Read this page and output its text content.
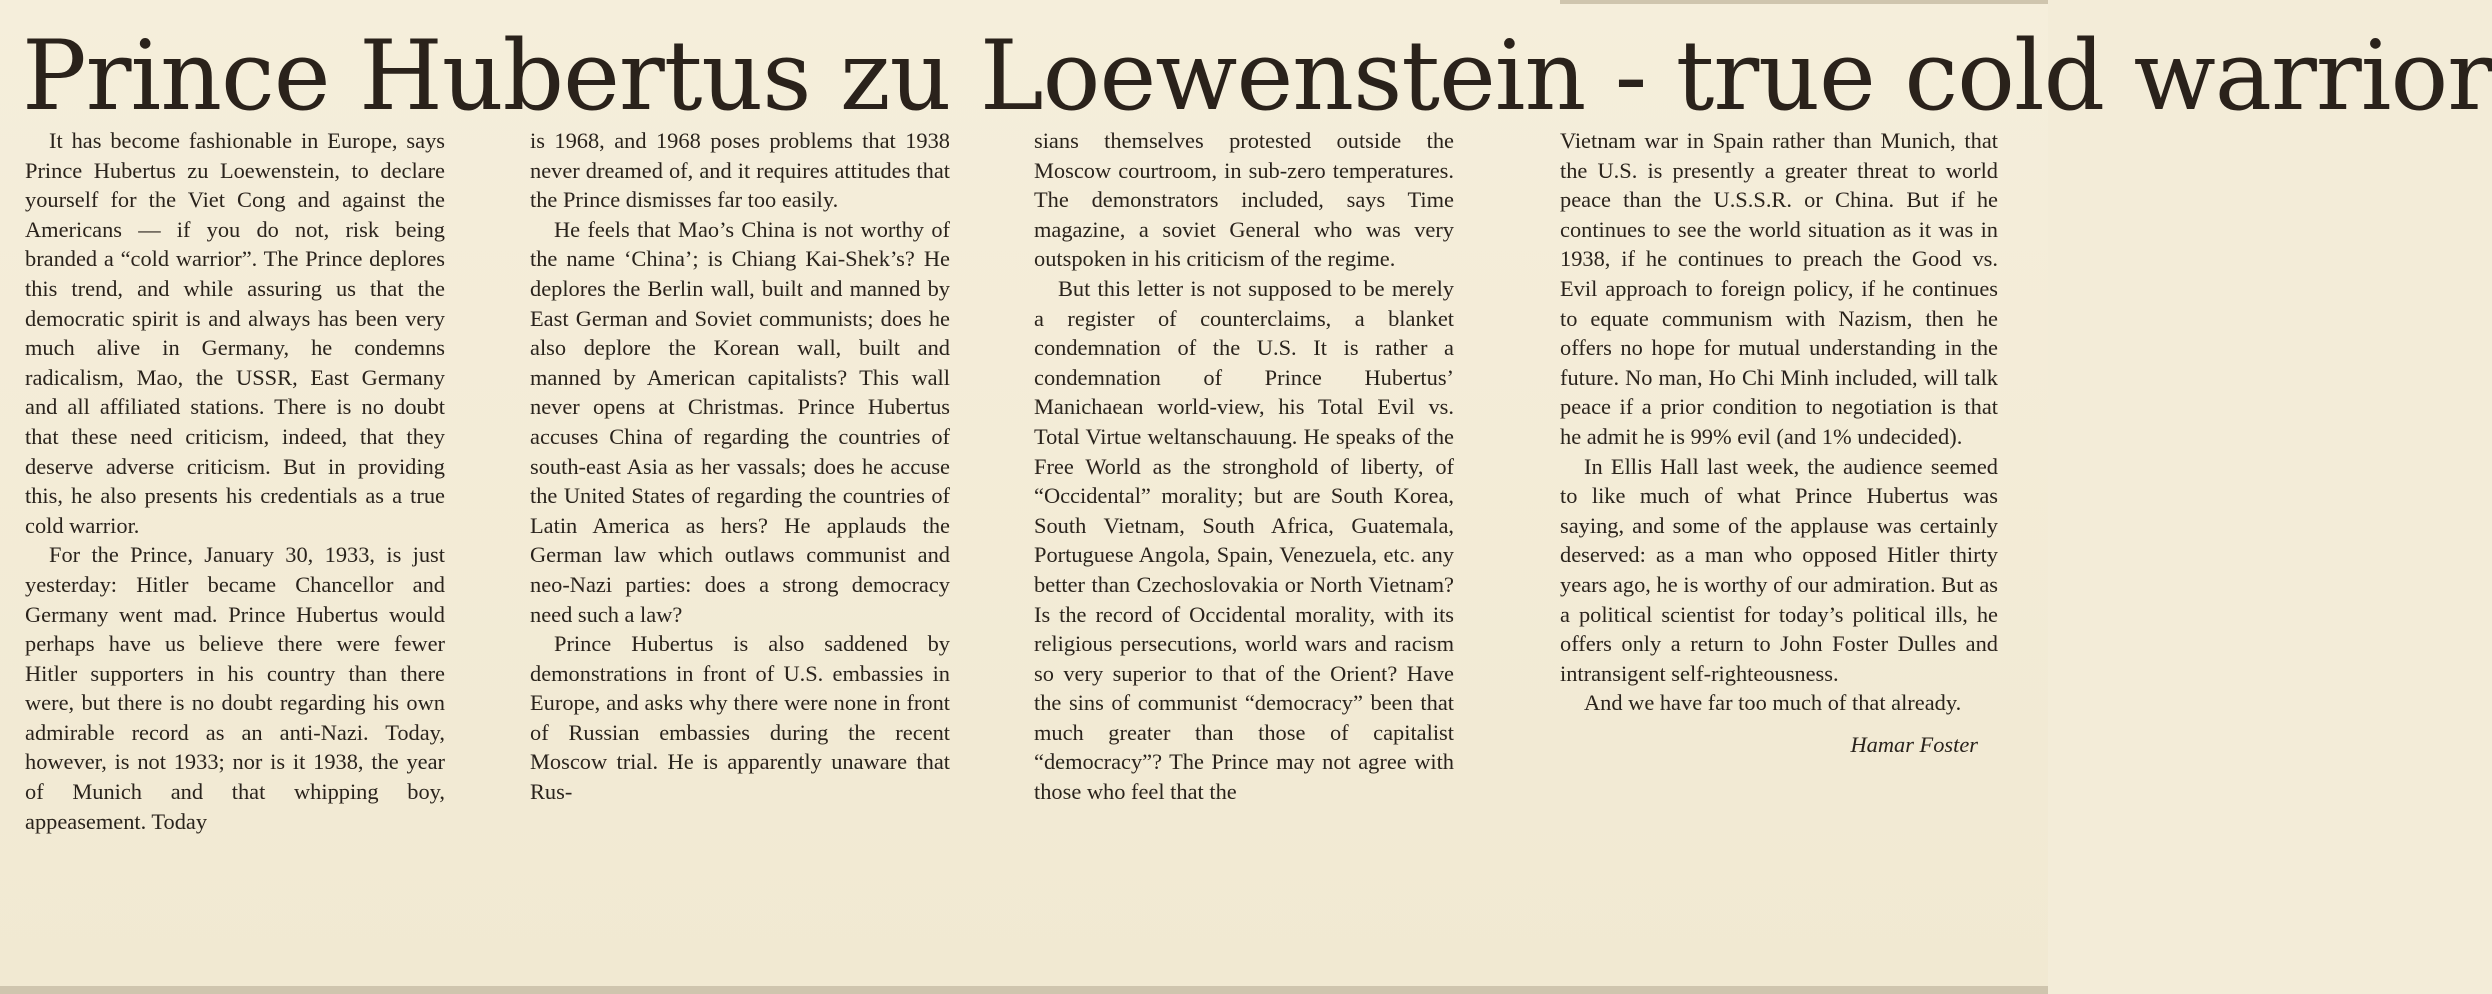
Prince Hubertus zu Loewenstein - true cold warrior

It has become fashionable in Europe, says Prince Hubertus zu Loewenstein, to declare yourself for the Viet Cong and against the Americans — if you do not, risk being branded a “cold warrior”. The Prince deplores this trend, and while assuring us that the democratic spirit is and always has been very much alive in Germany, he condemns radicalism, Mao, the USSR, East Germany and all affiliated stations. There is no doubt that these need criticism, indeed, that they deserve adverse criticism. But in providing this, he also presents his credentials as a true cold warrior.

For the Prince, January 30, 1933, is just yesterday: Hitler became Chancellor and Germany went mad. Prince Hubertus would perhaps have us believe there were fewer Hitler supporters in his country than there were, but there is no doubt regarding his own admirable record as an anti-Nazi. Today, however, is not 1933; nor is it 1938, the year of Munich and that whipping boy, appeasement. Today

is 1968, and 1968 poses problems that 1938 never dreamed of, and it requires attitudes that the Prince dismisses far too easily.

He feels that Mao’s China is not worthy of the name ‘China’; is Chiang Kai-Shek’s? He deplores the Berlin wall, built and manned by East German and Soviet communists; does he also deplore the Korean wall, built and manned by American capitalists? This wall never opens at Christmas. Prince Hubertus accuses China of regarding the countries of south-east Asia as her vassals; does he accuse the United States of regarding the countries of Latin America as hers? He applauds the German law which outlaws communist and neo-Nazi parties: does a strong democracy need such a law?

Prince Hubertus is also saddened by demonstrations in front of U.S. embassies in Europe, and asks why there were none in front of Russian embassies during the recent Moscow trial. He is apparently unaware that Rus-

sians themselves protested outside the Moscow courtroom, in sub-zero temperatures. The demonstrators included, says Time magazine, a soviet General who was very outspoken in his criticism of the regime.

But this letter is not supposed to be merely a register of counterclaims, a blanket condemnation of the U.S. It is rather a condemnation of Prince Hubertus’ Manichaean world-view, his Total Evil vs. Total Virtue weltanschauung. He speaks of the Free World as the stronghold of liberty, of “Occidental” morality; but are South Korea, South Vietnam, South Africa, Guatemala, Portuguese Angola, Spain, Venezuela, etc. any better than Czechoslovakia or North Vietnam? Is the record of Occidental morality, with its religious persecutions, world wars and racism so very superior to that of the Orient? Have the sins of communist “democracy” been that much greater than those of capitalist “democracy”? The Prince may not agree with those who feel that the

Vietnam war in Spain rather than Munich, that the U.S. is presently a greater threat to world peace than the U.S.S.R. or China. But if he continues to see the world situation as it was in 1938, if he continues to preach the Good vs. Evil approach to foreign policy, if he continues to equate communism with Nazism, then he offers no hope for mutual understanding in the future. No man, Ho Chi Minh included, will talk peace if a prior condition to negotiation is that he admit he is 99% evil (and 1% undecided).

In Ellis Hall last week, the audience seemed to like much of what Prince Hubertus was saying, and some of the applause was certainly deserved: as a man who opposed Hitler thirty years ago, he is worthy of our admiration. But as a political scientist for today’s political ills, he offers only a return to John Foster Dulles and intransigent self-righteousness.

And we have far too much of that already.

Hamar Foster
